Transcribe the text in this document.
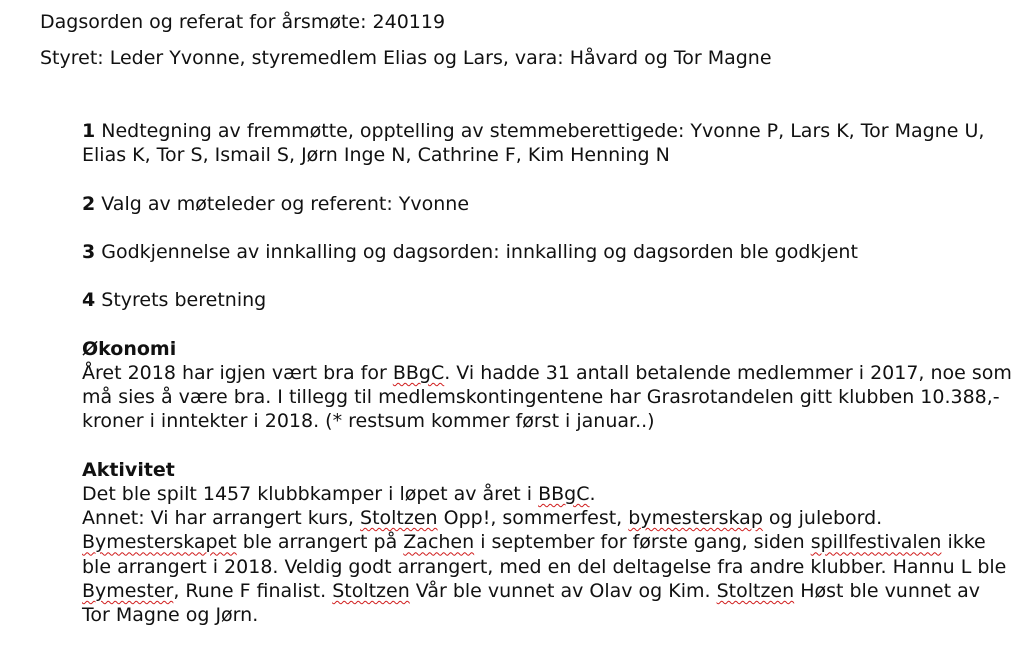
Dagsorden og referat for årsmøte: 240119
Styret: Leder Yvonne, styremedlem Elias og Lars, vara: Håvard og Tor Magne
1 Nedtegning av fremmøtte, opptelling av stemmeberettigede: Yvonne P, Lars K, Tor Magne U, Elias K, Tor S, Ismail S, Jørn Inge N, Cathrine F, Kim Henning N
2 Valg av møteleder og referent: Yvonne
3 Godkjennelse av innkalling og dagsorden: innkalling og dagsorden ble godkjent
4 Styrets beretning
Økonomi
Året 2018 har igjen vært bra for BBgC. Vi hadde 31 antall betalende medlemmer i 2017, noe som må sies å være bra. I tillegg til medlemskontingentene har Grasrotandelen gitt klubben 10.388,- kroner i inntekter i 2018. (* restsum kommer først i januar..)
Aktivitet
Det ble spilt 1457 klubbkamper i løpet av året i BBgC.
Annet: Vi har arrangert kurs, Stoltzen Opp!, sommerfest, bymesterskap og julebord. Bymesterskapet ble arrangert på Zachen i september for første gang, siden spillfestivalen ikke ble arrangert i 2018. Veldig godt arrangert, med en del deltagelse fra andre klubber. Hannu L ble Bymester, Rune F finalist. Stoltzen Vår ble vunnet av Olav og Kim. Stoltzen Høst ble vunnet av Tor Magne og Jørn.
